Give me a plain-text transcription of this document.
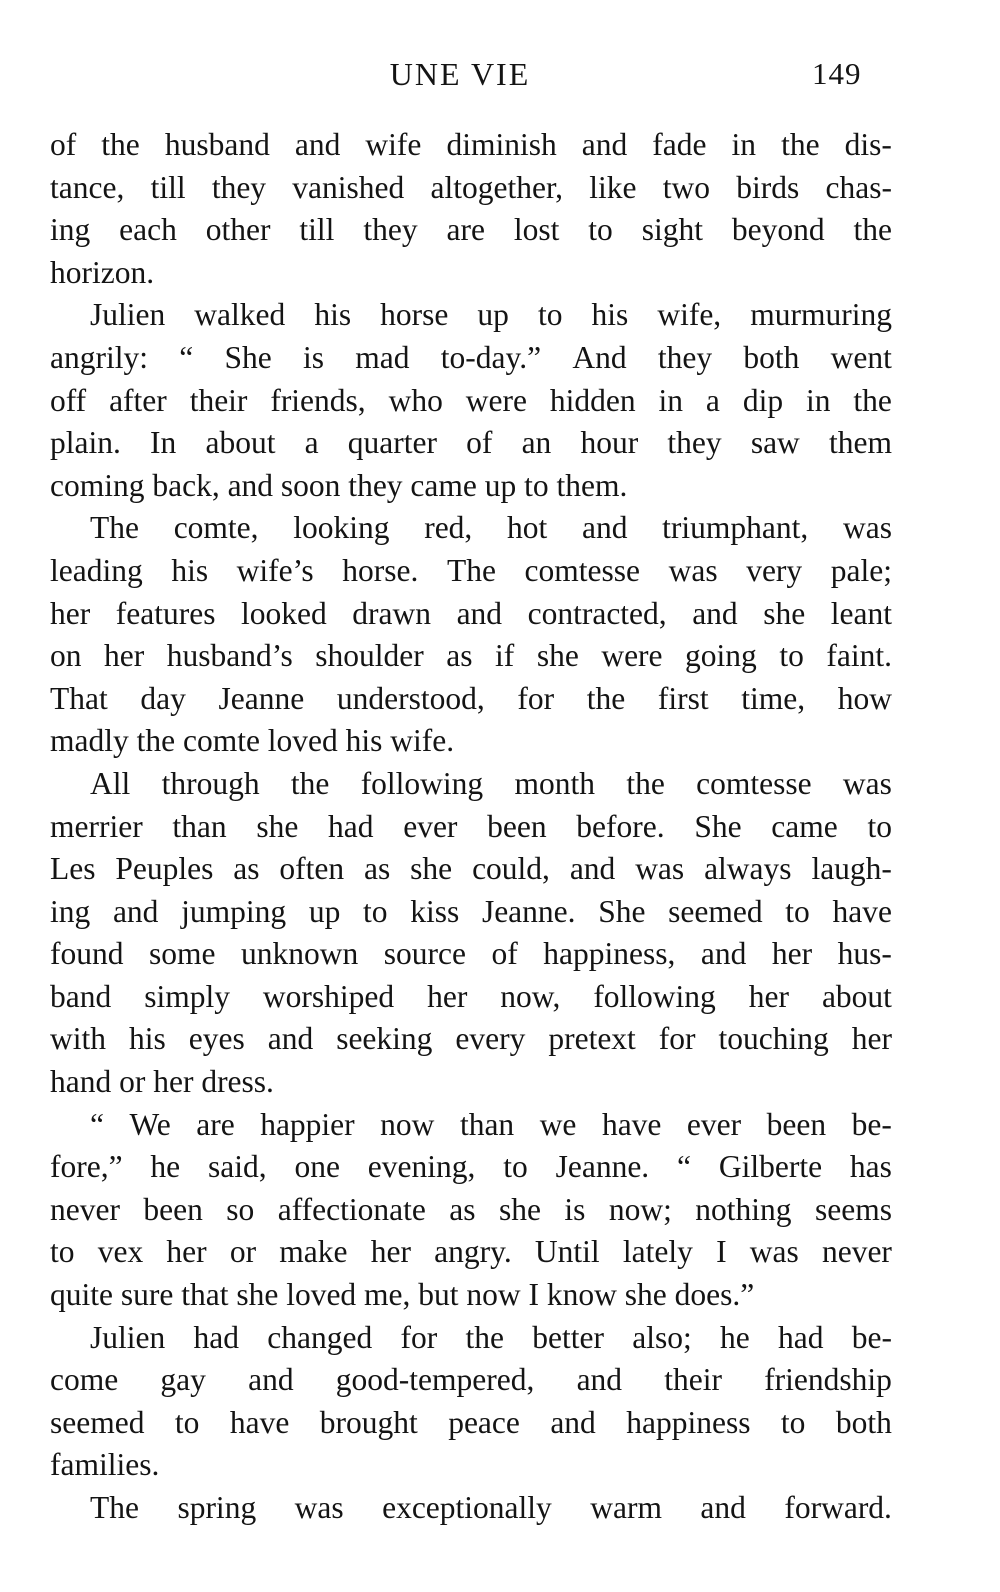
UNE VIE	149
of the husband and wife diminish and fade in the dis-
tance, till they vanished altogether, like two birds chas-
ing each other till they are lost to sight beyond the
horizon.
Julien walked his horse up to his wife, murmuring
angrily: “ She is mad to-day.” And they both went
off after their friends, who were hidden in a dip in the
plain. In about a quarter of an hour they saw them
coming back, and soon they came up to them.
The comte, looking red, hot and triumphant, was
leading his wife’s horse. The comtesse was very pale;
her features looked drawn and contracted, and she leant
on her husband’s shoulder as if she were going to faint.
That day Jeanne understood, for the first time, how
madly the comte loved his wife.
All through the following month the comtesse was
merrier than she had ever been before. She came to
Les Peuples as often as she could, and was always laugh-
ing and jumping up to kiss Jeanne. She seemed to have
found some unknown source of happiness, and her hus-
band simply worshiped her now, following her about
with his eyes and seeking every pretext for touching her
hand or her dress.
“ We are happier now than we have ever been be-
fore,” he said, one evening, to Jeanne. “ Gilberte has
never been so affectionate as she is now; nothing seems
to vex her or make her angry. Until lately I was never
quite sure that she loved me, but now I know she does.”
Julien had changed for the better also; he had be-
come gay and good-tempered, and their friendship
seemed to have brought peace and happiness to both
families.
The spring was exceptionally warm and forward.
